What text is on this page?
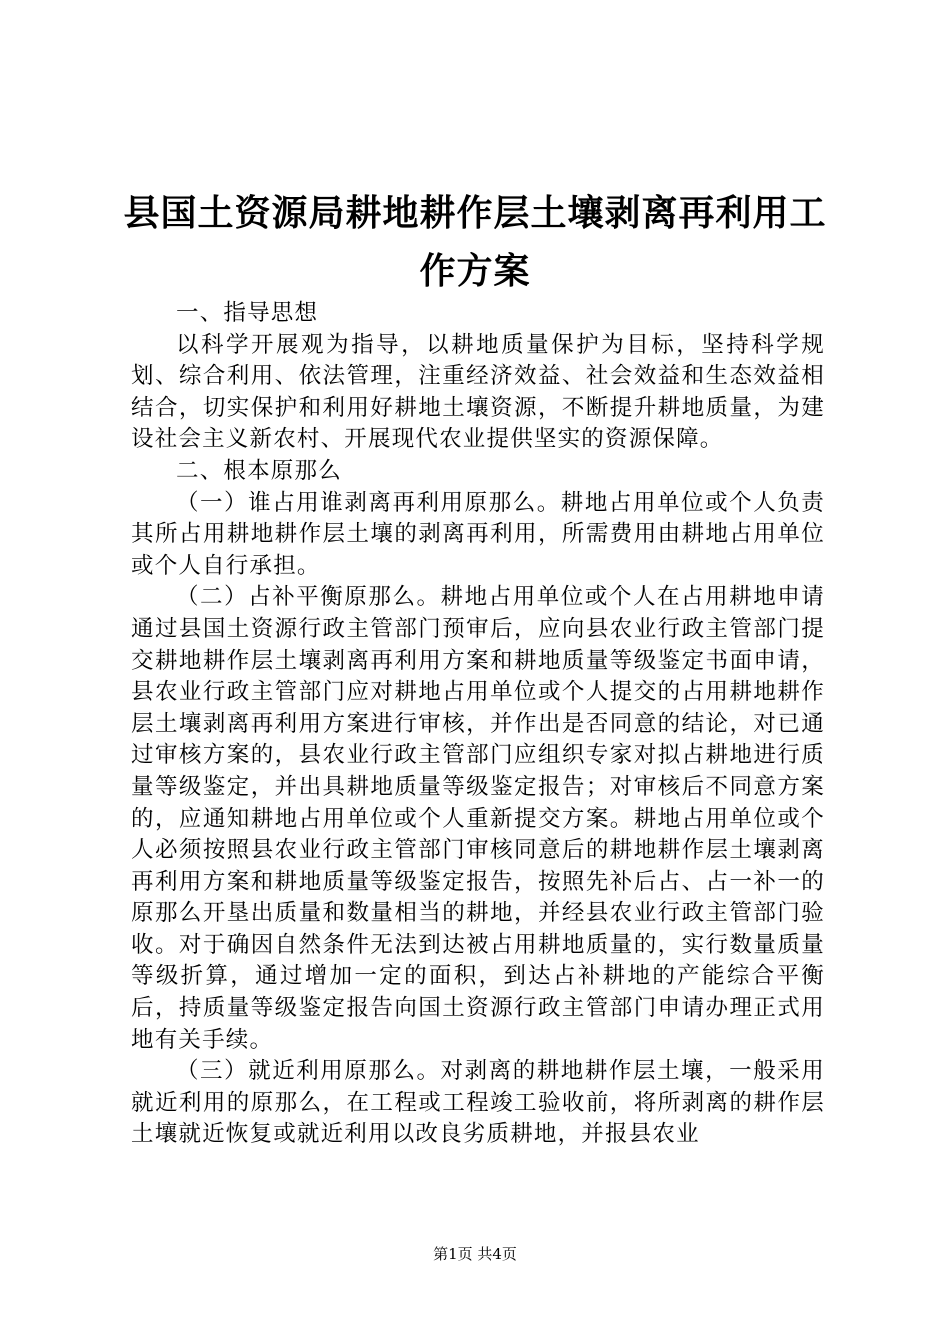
县国土资源局耕地耕作层土壤剥离再利用工作方案

一、指导思想

以科学开展观为指导，以耕地质量保护为目标，坚持科学规划、综合利用、依法管理，注重经济效益、社会效益和生态效益相结合，切实保护和利用好耕地土壤资源，不断提升耕地质量，为建设社会主义新农村、开展现代农业提供坚实的资源保障。

二、根本原那么

（一）谁占用谁剥离再利用原那么。耕地占用单位或个人负责其所占用耕地耕作层土壤的剥离再利用，所需费用由耕地占用单位或个人自行承担。

（二）占补平衡原那么。耕地占用单位或个人在占用耕地申请通过县国土资源行政主管部门预审后，应向县农业行政主管部门提交耕地耕作层土壤剥离再利用方案和耕地质量等级鉴定书面申请，县农业行政主管部门应对耕地占用单位或个人提交的占用耕地耕作层土壤剥离再利用方案进行审核，并作出是否同意的结论，对已通过审核方案的，县农业行政主管部门应组织专家对拟占耕地进行质量等级鉴定，并出具耕地质量等级鉴定报告；对审核后不同意方案的，应通知耕地占用单位或个人重新提交方案。耕地占用单位或个人必须按照县农业行政主管部门审核同意后的耕地耕作层土壤剥离再利用方案和耕地质量等级鉴定报告，按照先补后占、占一补一的原那么开垦出质量和数量相当的耕地，并经县农业行政主管部门验收。对于确因自然条件无法到达被占用耕地质量的，实行数量质量等级折算，通过增加一定的面积，到达占补耕地的产能综合平衡后，持质量等级鉴定报告向国土资源行政主管部门申请办理正式用地有关手续。

（三）就近利用原那么。对剥离的耕地耕作层土壤，一般采用就近利用的原那么，在工程或工程竣工验收前，将所剥离的耕作层土壤就近恢复或就近利用以改良劣质耕地，并报县农业

第1页 共4页
